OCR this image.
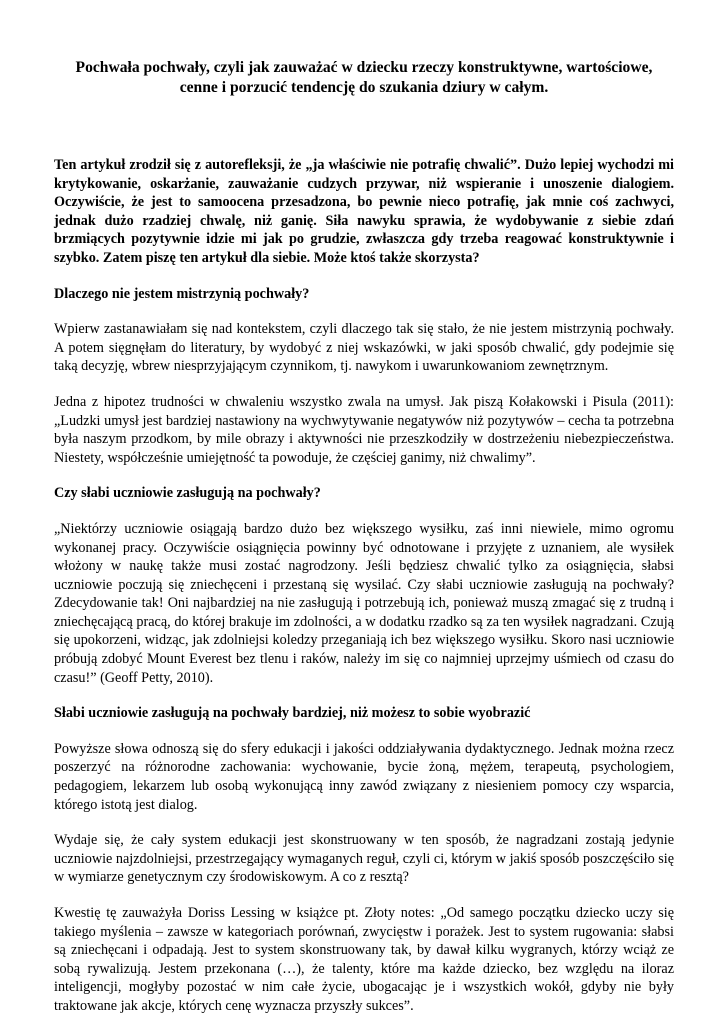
Pochwała pochwały, czyli jak zauważać w dziecku rzeczy konstruktywne, wartościowe, cenne i porzucić tendencję do szukania dziury w całym.
Ten artykuł zrodził się z autorefleksji, że „ja właściwie nie potrafię chwalić”. Dużo lepiej wychodzi mi krytykowanie, oskarżanie, zauważanie cudzych przywar, niż wspieranie i unoszenie dialogiem. Oczywiście, że jest to samoocena przesadzona, bo pewnie nieco potrafię, jak mnie coś zachwyci, jednak dużo rzadziej chwalę, niż ganię. Siła nawyku sprawia, że wydobywanie z siebie zdań brzmiących pozytywnie idzie mi jak po grudzie, zwłaszcza gdy trzeba reagować konstruktywnie i szybko. Zatem piszę ten artykuł dla siebie. Może ktoś także skorzysta?
Dlaczego nie jestem mistrzynią pochwały?
Wpierw zastanawiałam się nad kontekstem, czyli dlaczego tak się stało, że nie jestem mistrzynią pochwały. A potem sięgnęłam do literatury, by wydobyć z niej wskazówki, w jaki sposób chwalić, gdy podejmie się taką decyzję, wbrew niesprzyjającym czynnikom, tj. nawykom i uwarunkowaniom zewnętrznym.
Jedna z hipotez trudności w chwaleniu wszystko zwala na umysł. Jak piszą Kołakowski i Pisula (2011): „Ludzki umysł jest bardziej nastawiony na wychwytywanie negatywów niż pozytywów – cecha ta potrzebna była naszym przodkom, by mile obrazy i aktywności nie przeszkodziły w dostrzeżeniu niebezpieczeństwa. Niestety, współcześnie umiejętność ta powoduje, że częściej ganimy, niż chwalimy”.
Czy słabi uczniowie zasługują na pochwały?
„Niektórzy uczniowie osiągają bardzo dużo bez większego wysiłku, zaś inni niewiele, mimo ogromu wykonanej pracy. Oczywiście osiągnięcia powinny być odnotowane i przyjęte z uznaniem, ale wysiłek włożony w naukę także musi zostać nagrodzony. Jeśli będziesz chwalić tylko za osiągnięcia, słabsi uczniowie poczują się zniechęceni i przestaną się wysilać. Czy słabi uczniowie zasługują na pochwały? Zdecydowanie tak! Oni najbardziej na nie zasługują i potrzebują ich, ponieważ muszą zmagać się z trudną i zniechęcającą pracą, do której brakuje im zdolności, a w dodatku rzadko są za ten wysiłek nagradzani. Czują się upokorzeni, widząc, jak zdolniejsi koledzy przeganiają ich bez większego wysiłku. Skoro nasi uczniowie próbują zdobyć Mount Everest bez tlenu i raków, należy im się co najmniej uprzejmy uśmiech od czasu do czasu!” (Geoff Petty, 2010).
Słabi uczniowie zasługują na pochwały bardziej, niż możesz to sobie wyobrazić
Powyższe słowa odnoszą się do sfery edukacji i jakości oddziaływania dydaktycznego. Jednak można rzecz poszerzyć na różnorodne zachowania: wychowanie, bycie żoną, mężem, terapeutą, psychologiem, pedagogiem, lekarzem lub osobą wykonującą inny zawód związany z niesieniem pomocy czy wsparcia, którego istotą jest dialog.
Wydaje się, że cały system edukacji jest skonstruowany w ten sposób, że nagradzani zostają jedynie uczniowie najzdolniejsi, przestrzegający wymaganych reguł, czyli ci, którym w jakiś sposób poszczęściło się w wymiarze genetycznym czy środowiskowym. A co z resztą?
Kwestię tę zauważyła Doriss Lessing w książce pt. Złoty notes: „Od samego początku dziecko uczy się takiego myślenia – zawsze w kategoriach porównań, zwycięstw i porażek. Jest to system rugowania: słabsi są zniechęcani i odpadają. Jest to system skonstruowany tak, by dawał kilku wygranych, którzy wciąż ze sobą rywalizują. Jestem przekonana (…), że talenty, które ma każde dziecko, bez względu na iloraz inteligencji, mogłyby pozostać w nim całe życie, ubogacając je i wszystkich wokół, gdyby nie były traktowane jak akcje, których cenę wyznacza przyszły sukces”.
